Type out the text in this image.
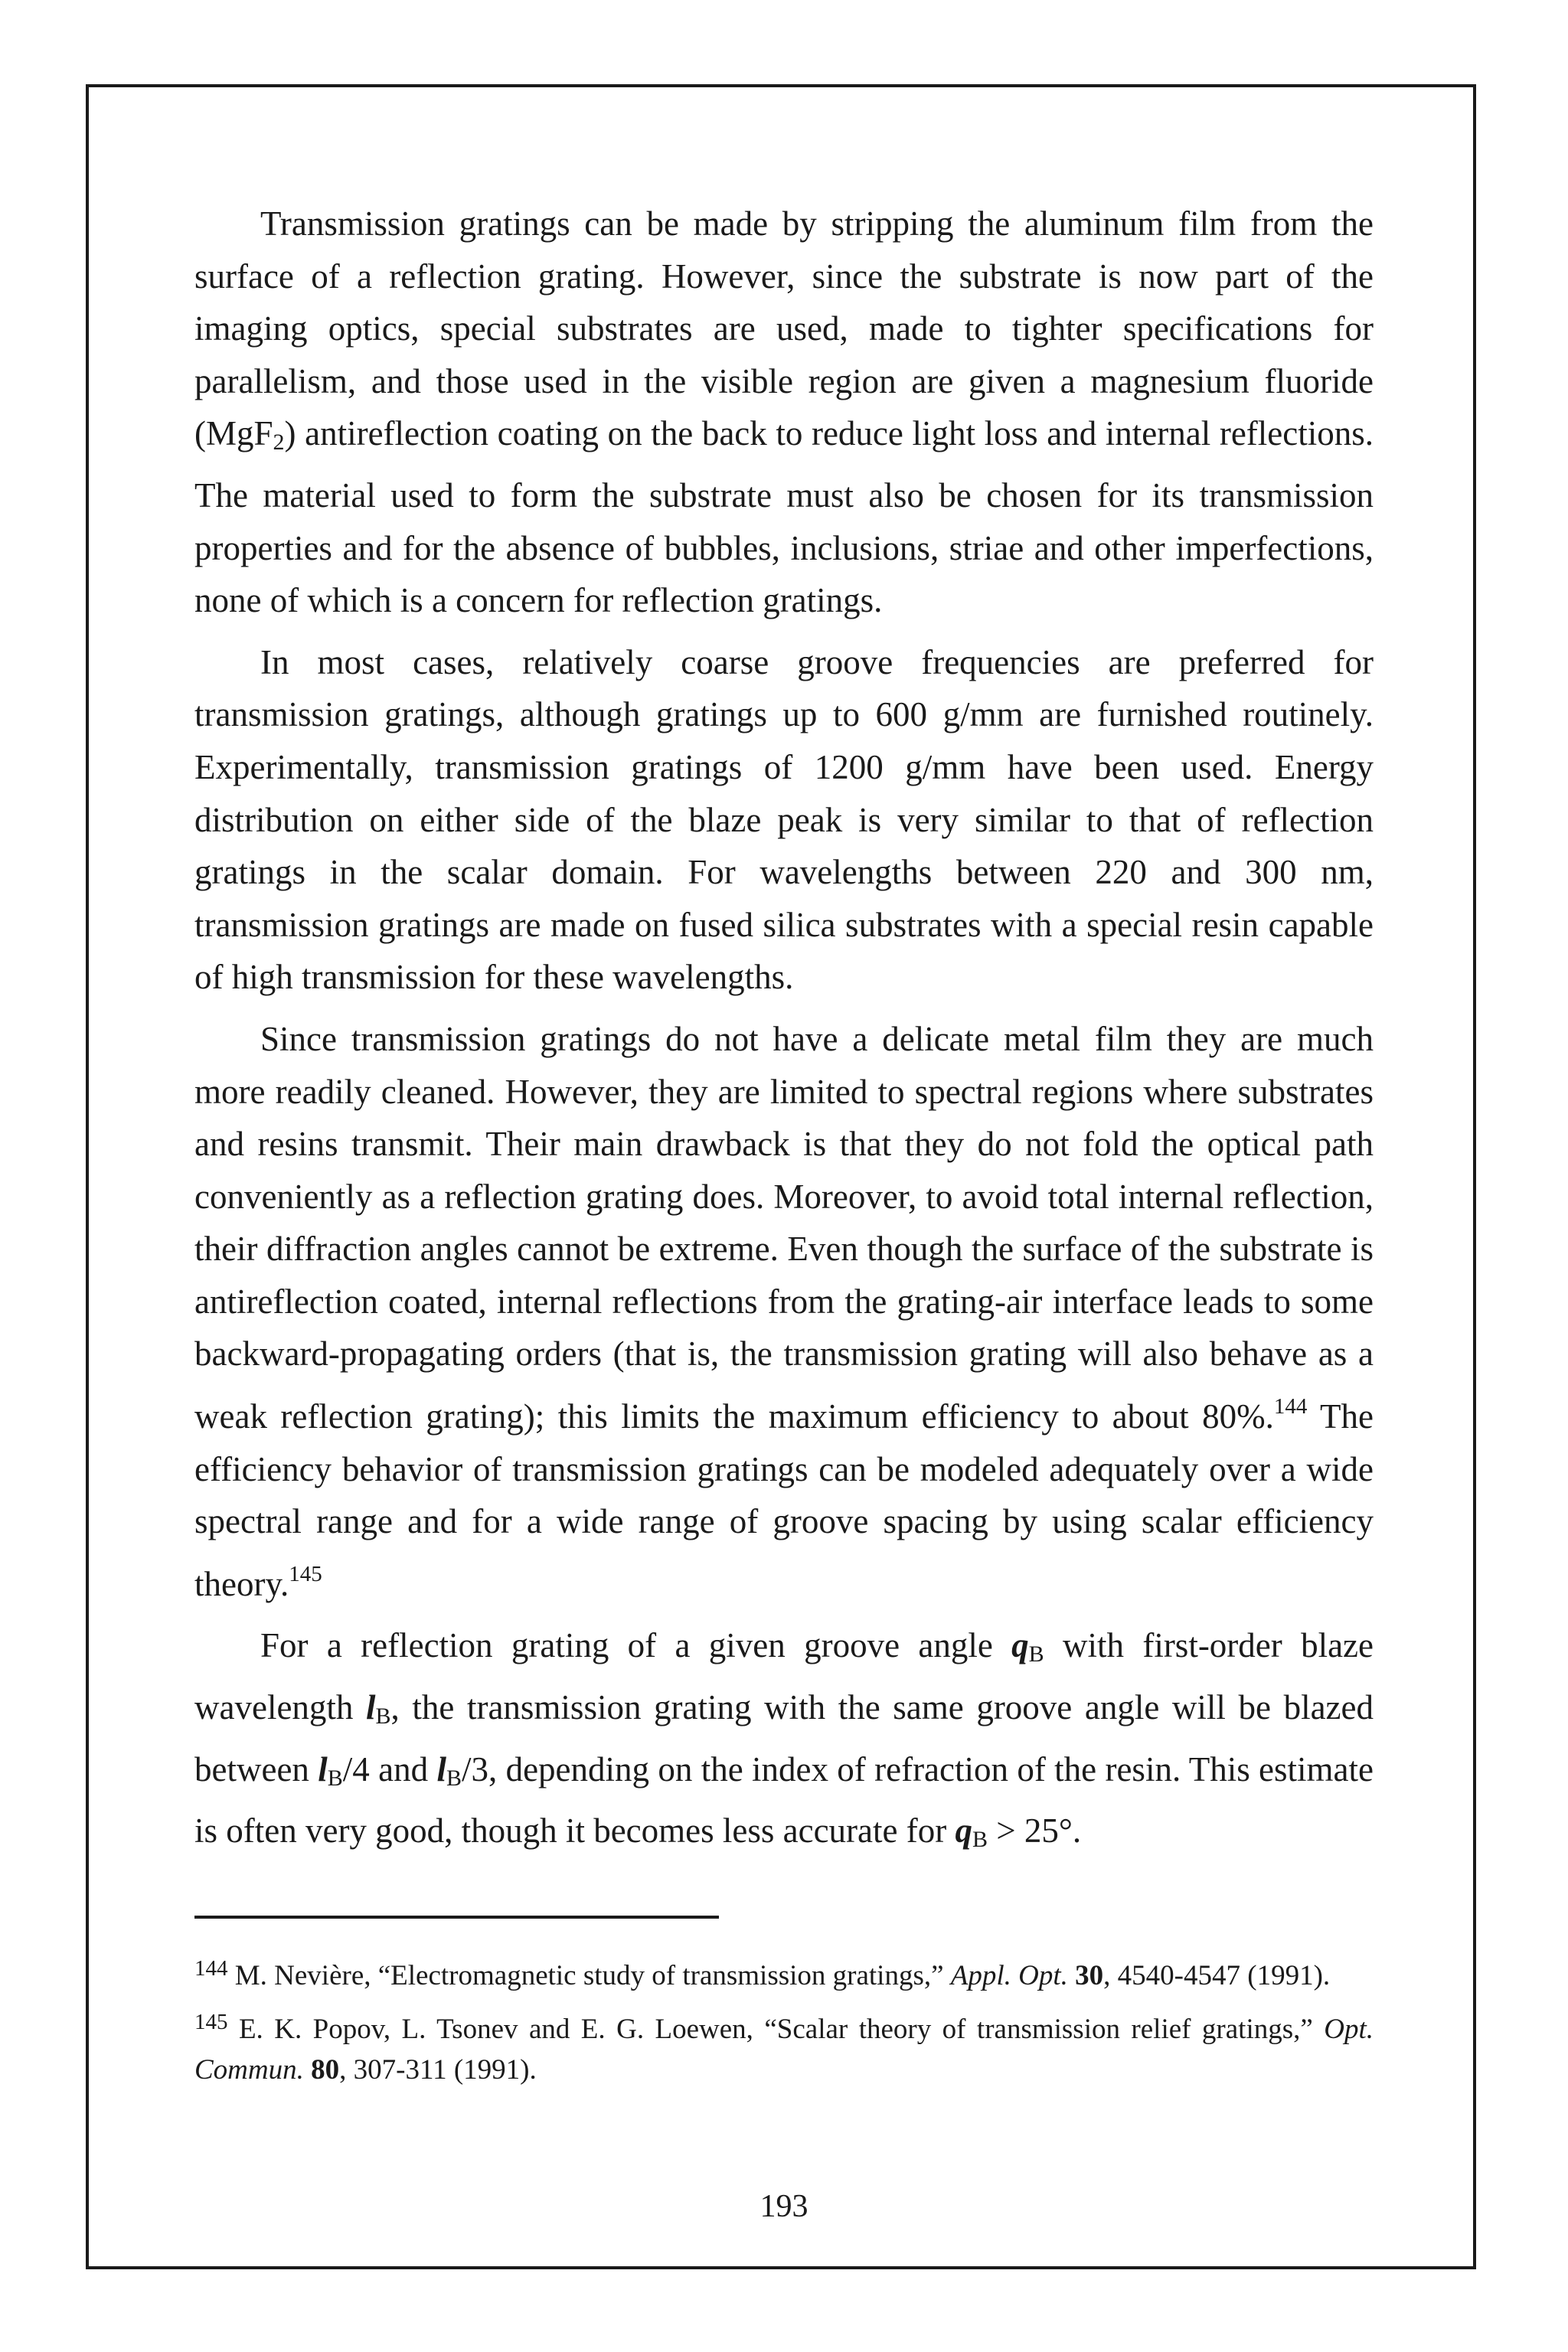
Transmission gratings can be made by stripping the aluminum film from the surface of a reflection grating. However, since the substrate is now part of the imaging optics, special substrates are used, made to tighter specifications for parallelism, and those used in the visible region are given a magnesium fluoride (MgF$_2$) antireflection coating on the back to reduce light loss and internal reflections. The material used to form the substrate must also be chosen for its transmission properties and for the absence of bubbles, inclusions, striae and other imperfections, none of which is a concern for reflection gratings.

In most cases, relatively coarse groove frequencies are preferred for transmission gratings, although gratings up to 600 g/mm are furnished routinely. Experimentally, transmission gratings of 1200 g/mm have been used. Energy distribution on either side of the blaze peak is very similar to that of reflection gratings in the scalar domain. For wavelengths between 220 and 300 nm, transmission gratings are made on fused silica substrates with a special resin capable of high transmission for these wavelengths.

Since transmission gratings do not have a delicate metal film they are much more readily cleaned. However, they are limited to spectral regions where substrates and resins transmit. Their main drawback is that they do not fold the optical path conveniently as a reflection grating does. Moreover, to avoid total internal reflection, their diffraction angles cannot be extreme. Even though the surface of the substrate is antireflection coated, internal reflections from the grating-air interface leads to some backward-propagating orders (that is, the transmission grating will also behave as a weak reflection grating); this limits the maximum efficiency to about 80%.$^{144}$ The efficiency behavior of transmission gratings can be modeled adequately over a wide spectral range and for a wide range of groove spacing by using scalar efficiency theory.$^{145}$

For a reflection grating of a given groove angle $q_B$ with first-order blaze wavelength $l_B$, the transmission grating with the same groove angle will be blazed between $l_B/4$ and $l_B/3$, depending on the index of refraction of the resin. This estimate is often very good, though it becomes less accurate for $q_B > 25^\circ$.

$^{144}$ M. Nevière, “Electromagnetic study of transmission gratings,” Appl. Opt. 30, 4540-4547 (1991).

$^{145}$ E. K. Popov, L. Tsonev and E. G. Loewen, “Scalar theory of transmission relief gratings,” Opt. Commun. 80, 307-311 (1991).

193
